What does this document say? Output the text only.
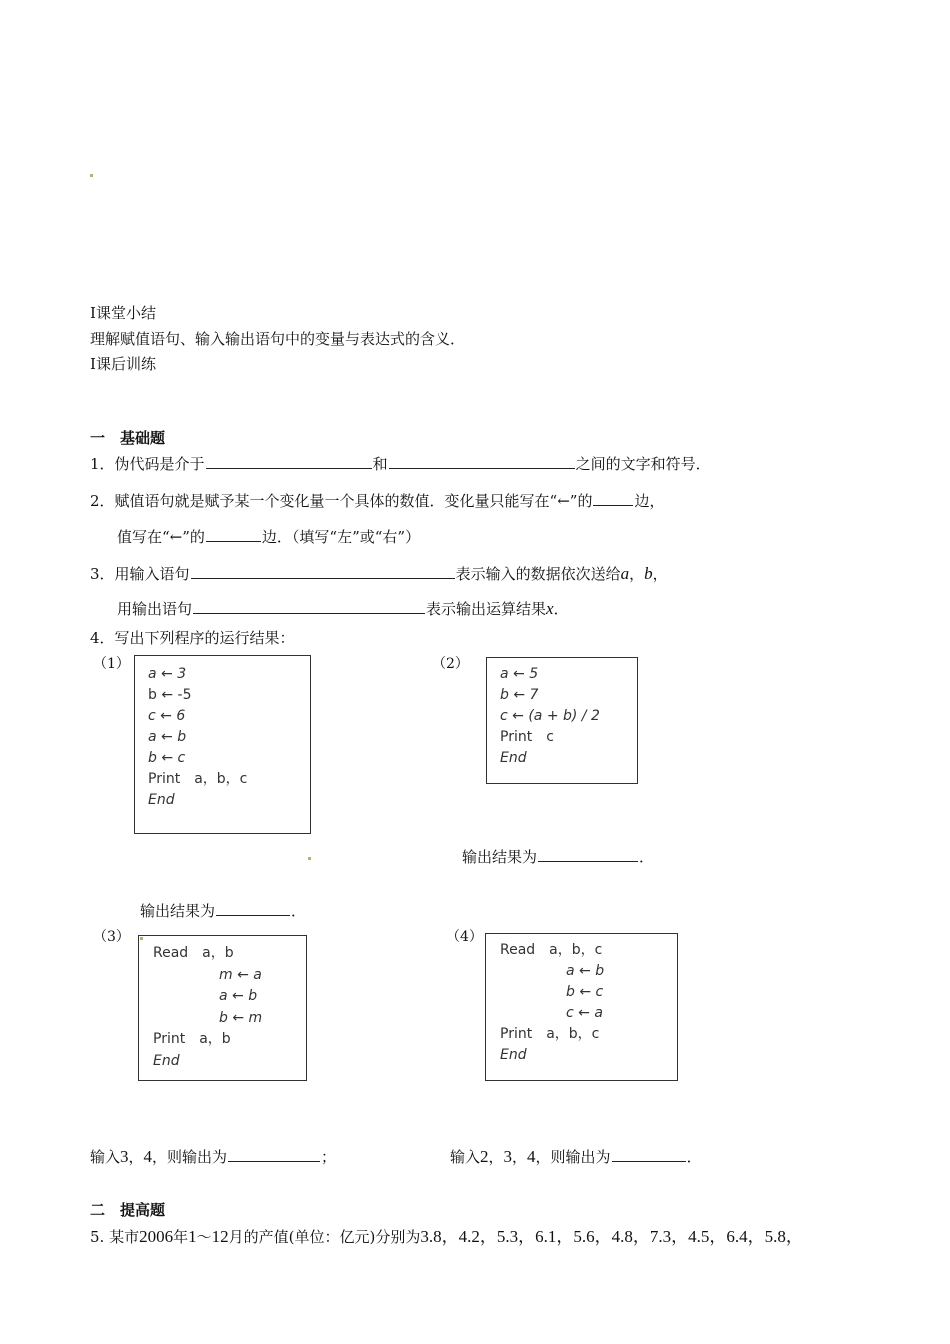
I课堂小结
理解赋值语句、输入输出语句中的变量与表达式的含义．
I课后训练
一　基础题
1．伪代码是介于	和	之间的文字和符号．
2．赋值语句就是赋予某一个变化量一个具体的数值．变化量只能写在“←”的	边，
值写在“←”的	边．（填写“左”或“右”）
3．用输入语句	表示输入的数据依次送给a，b，
用输出语句	表示输出运算结果x．
4．写出下列程序的运行结果：
（1）
a ← 3
b ← -5
c ← 6
a ← b
b ← c
Print　a，b，c
End
（2）
a ← 5
b ← 7
c ← (a + b) / 2
Print　c
End
输出结果为	．
输出结果为	．
（3）
Read　a，b
m ← a
a ← b
b ← m
Print　a，b
End
（4）
Read　a，b，c
a ← b
b ← c
c ← a
Print　a，b，c
End
输入3，4，则输出为	；	输入2，3，4，则输出为	．
二　提高题
5. 某市2006年1～12月的产值(单位：亿元)分别为3.8，4.2，5.3，6.1，5.6，4.8，7.3，4.5，6.4，5.8，
